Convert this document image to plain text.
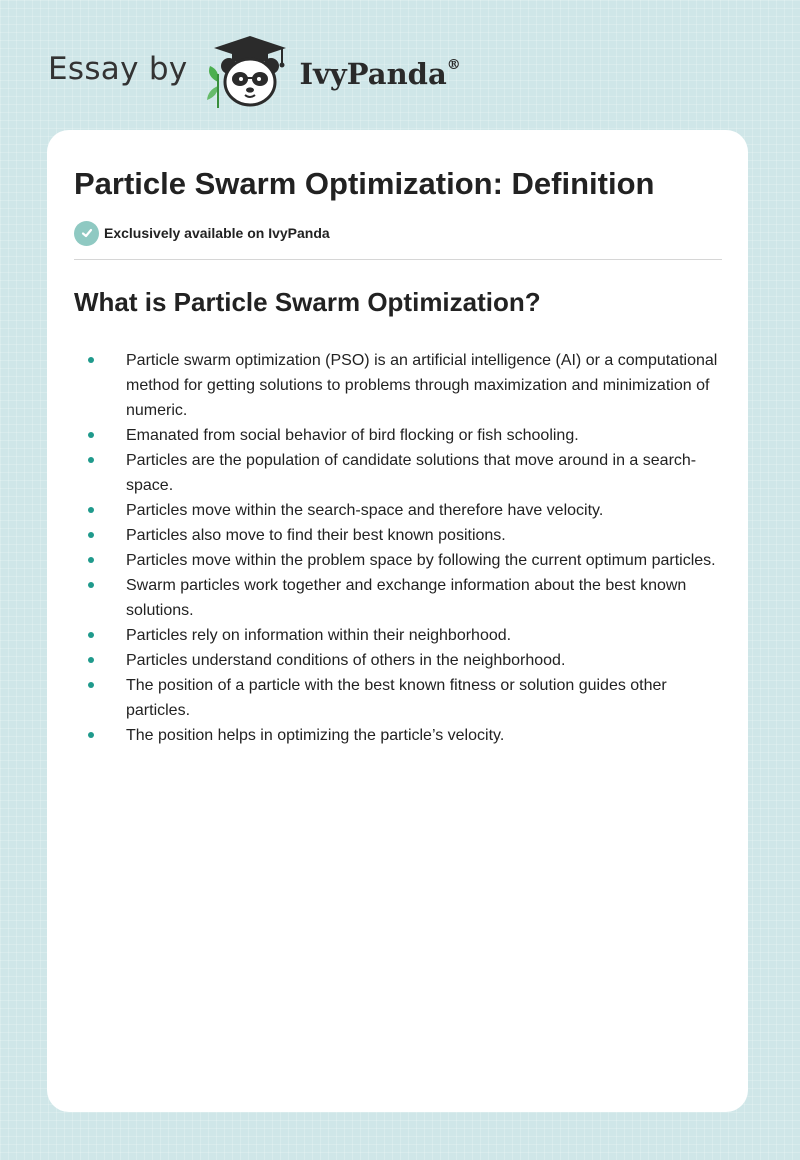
Essay by	IvyPanda®
Particle Swarm Optimization: Definition
Exclusively available on IvyPanda
What is Particle Swarm Optimization?
Particle swarm optimization (PSO) is an artificial intelligence (AI) or a computational method for getting solutions to problems through maximization and minimization of numeric.
Emanated from social behavior of bird flocking or fish schooling.
Particles are the population of candidate solutions that move around in a search-space.
Particles move within the search-space and therefore have velocity.
Particles also move to find their best known positions.
Particles move within the problem space by following the current optimum particles.
Swarm particles work together and exchange information about the best known solutions.
Particles rely on information within their neighborhood.
Particles understand conditions of others in the neighborhood.
The position of a particle with the best known fitness or solution guides other particles.
The position helps in optimizing the particle’s velocity.
